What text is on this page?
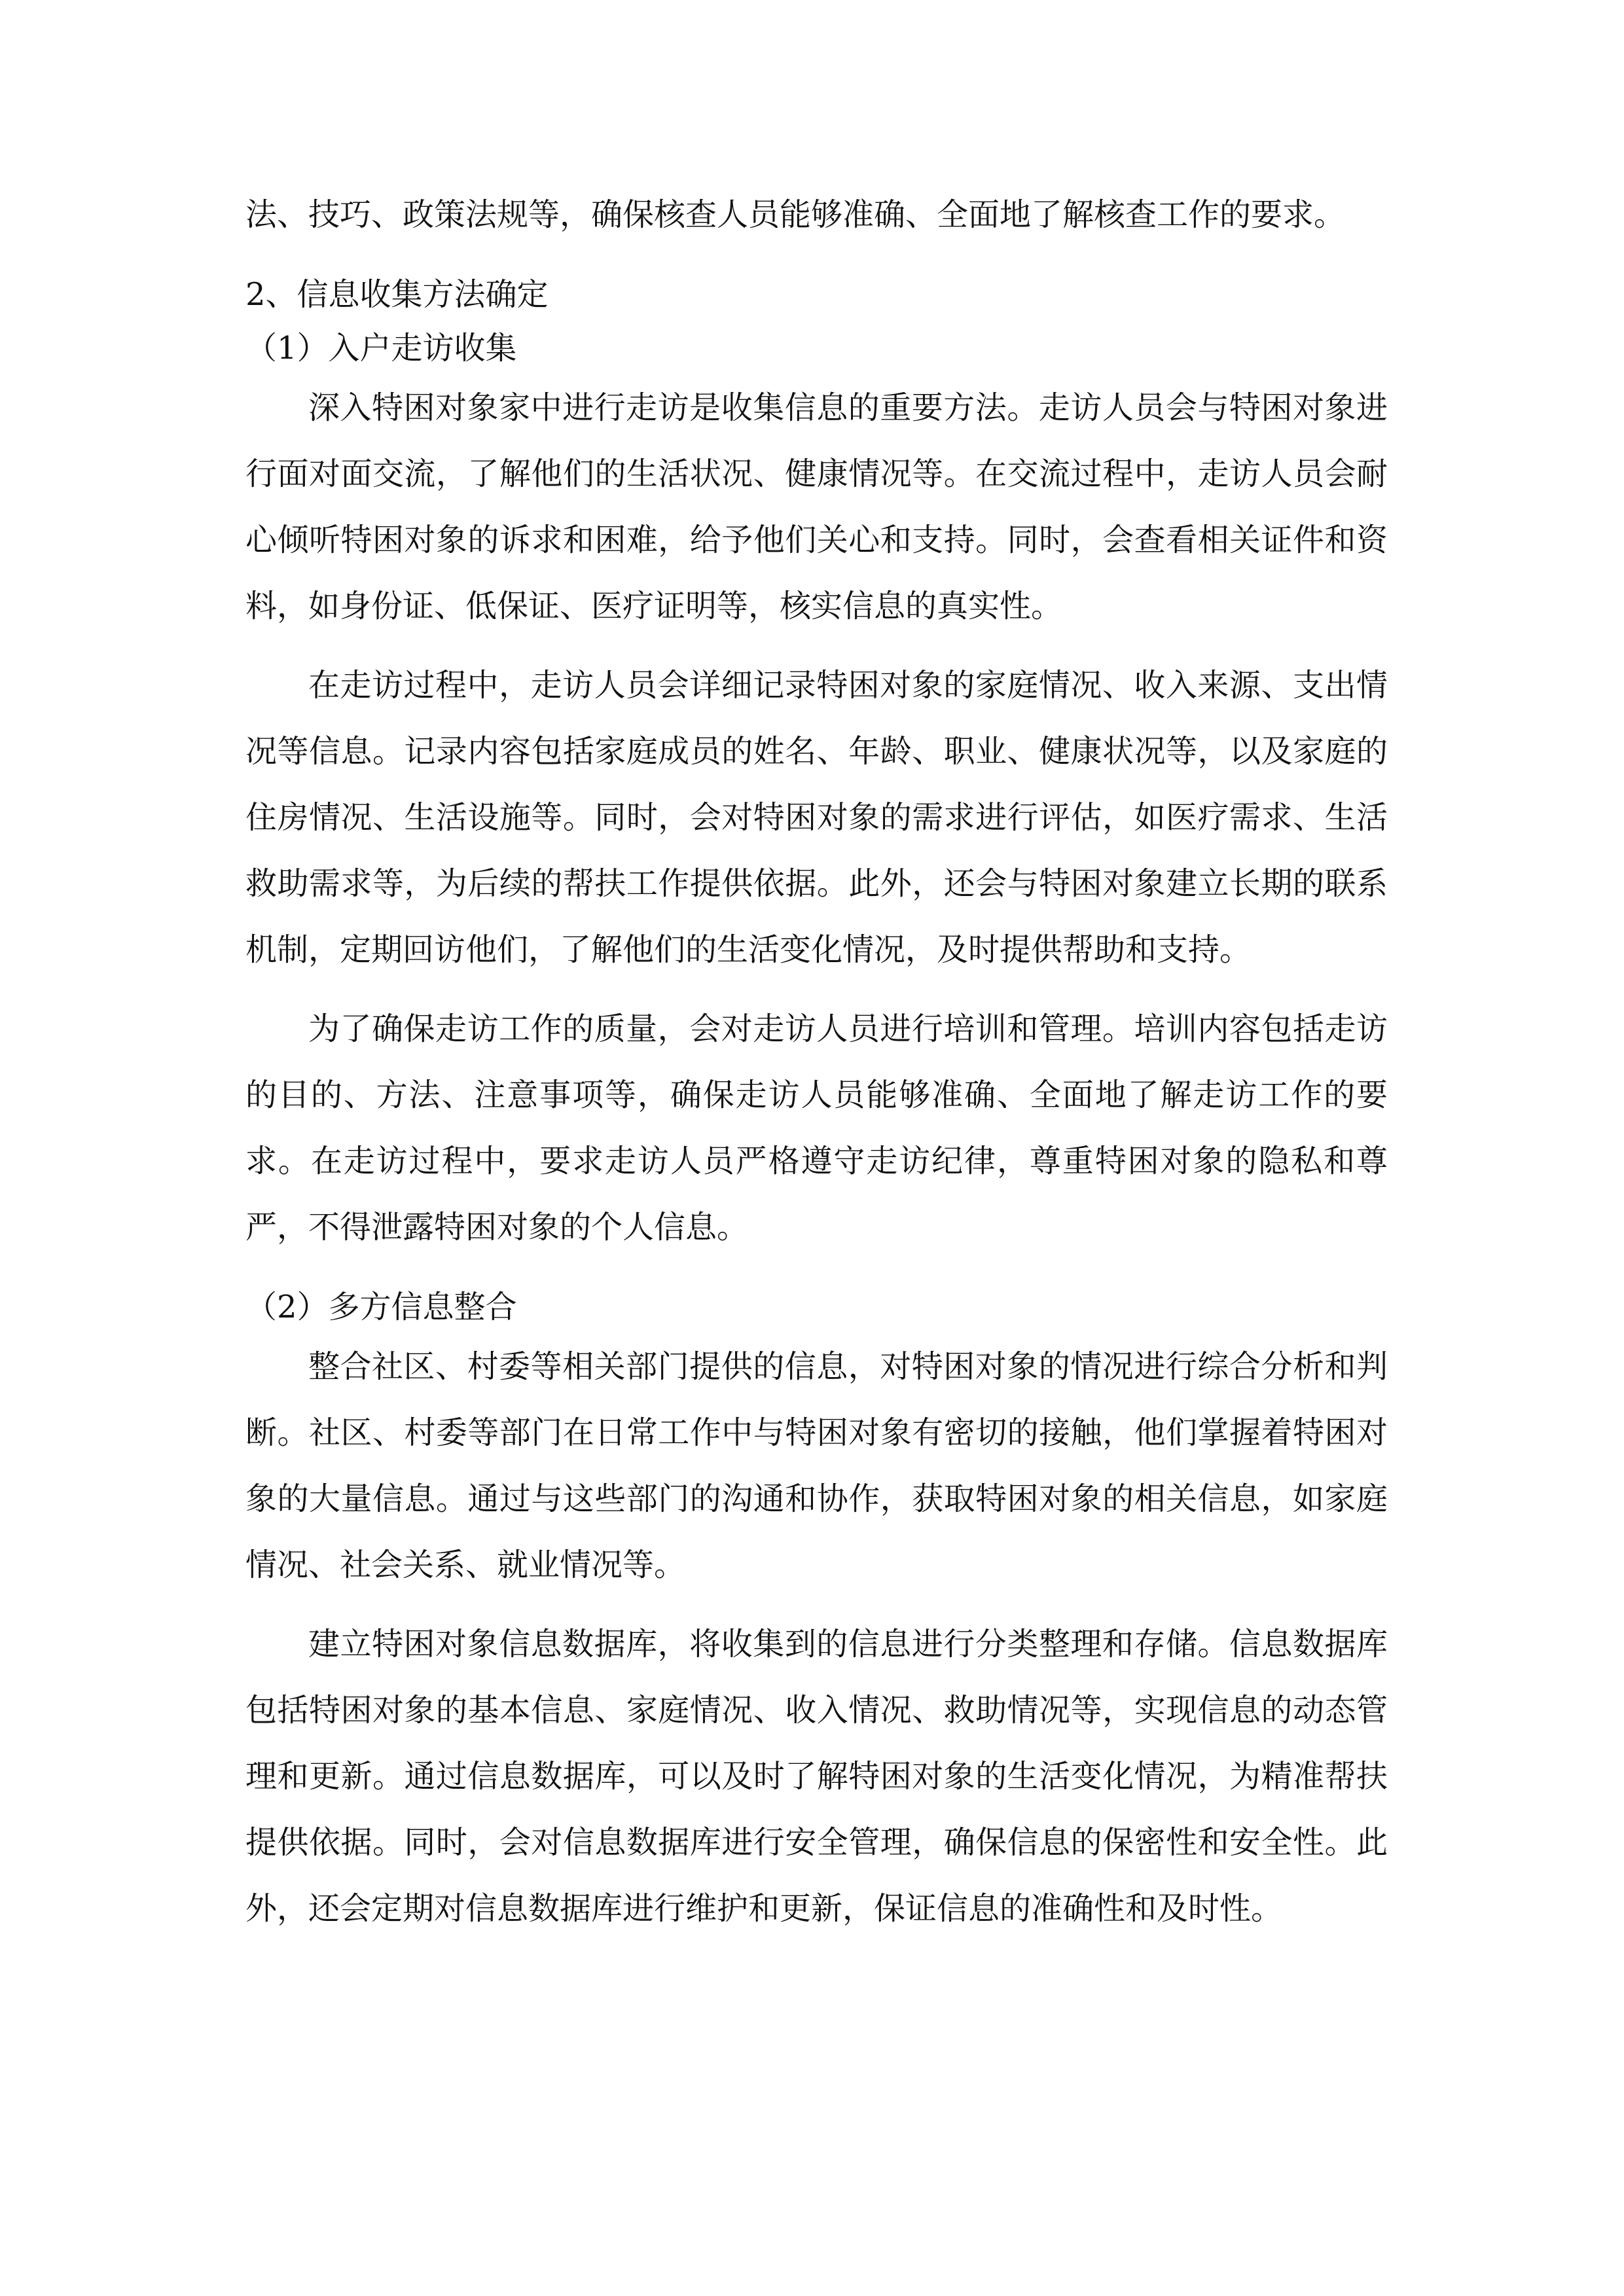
法、技巧、政策法规等，确保核查人员能够准确、全面地了解核查工作的要求。

2、信息收集方法确定

（1）入户走访收集

深入特困对象家中进行走访是收集信息的重要方法。走访人员会与特困对象进行面对面交流，了解他们的生活状况、健康情况等。在交流过程中，走访人员会耐心倾听特困对象的诉求和困难，给予他们关心和支持。同时，会查看相关证件和资料，如身份证、低保证、医疗证明等，核实信息的真实性。

在走访过程中，走访人员会详细记录特困对象的家庭情况、收入来源、支出情况等信息。记录内容包括家庭成员的姓名、年龄、职业、健康状况等，以及家庭的住房情况、生活设施等。同时，会对特困对象的需求进行评估，如医疗需求、生活救助需求等，为后续的帮扶工作提供依据。此外，还会与特困对象建立长期的联系机制，定期回访他们，了解他们的生活变化情况，及时提供帮助和支持。

为了确保走访工作的质量，会对走访人员进行培训和管理。培训内容包括走访的目的、方法、注意事项等，确保走访人员能够准确、全面地了解走访工作的要求。在走访过程中，要求走访人员严格遵守走访纪律，尊重特困对象的隐私和尊严，不得泄露特困对象的个人信息。

（2）多方信息整合

整合社区、村委等相关部门提供的信息，对特困对象的情况进行综合分析和判断。社区、村委等部门在日常工作中与特困对象有密切的接触，他们掌握着特困对象的大量信息。通过与这些部门的沟通和协作，获取特困对象的相关信息，如家庭情况、社会关系、就业情况等。

建立特困对象信息数据库，将收集到的信息进行分类整理和存储。信息数据库包括特困对象的基本信息、家庭情况、收入情况、救助情况等，实现信息的动态管理和更新。通过信息数据库，可以及时了解特困对象的生活变化情况，为精准帮扶提供依据。同时，会对信息数据库进行安全管理，确保信息的保密性和安全性。此外，还会定期对信息数据库进行维护和更新，保证信息的准确性和及时性。
